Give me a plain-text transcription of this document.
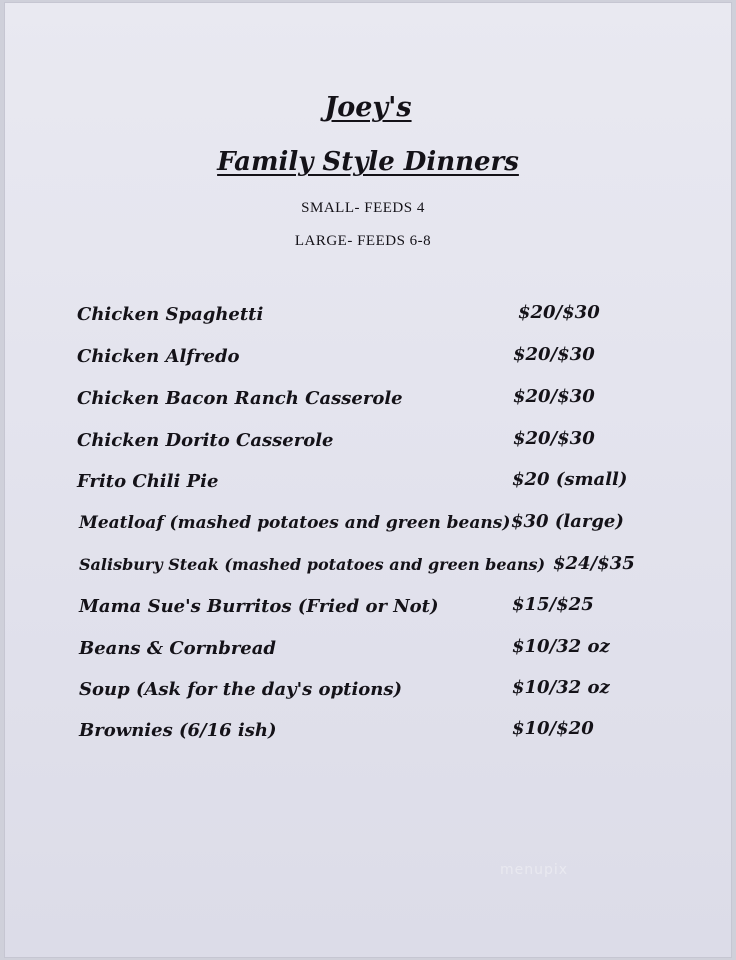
Joey's
Family Style Dinners
SMALL- FEEDS 4
LARGE- FEEDS 6-8
Chicken Spaghetti	$20/$30
Chicken Alfredo	$20/$30
Chicken Bacon Ranch Casserole	$20/$30
Chicken Dorito Casserole	$20/$30
Frito Chili Pie	$20 (small)
Meatloaf (mashed potatoes and green beans) $30 (large)
Salisbury Steak (mashed potatoes and green beans) $24/$35
Mama Sue's Burritos (Fried or Not)	$15/$25
Beans & Cornbread	$10/32 oz
Soup (Ask for the day's options)	$10/32 oz
Brownies (6/16 ish)	$10/$20
menupix
